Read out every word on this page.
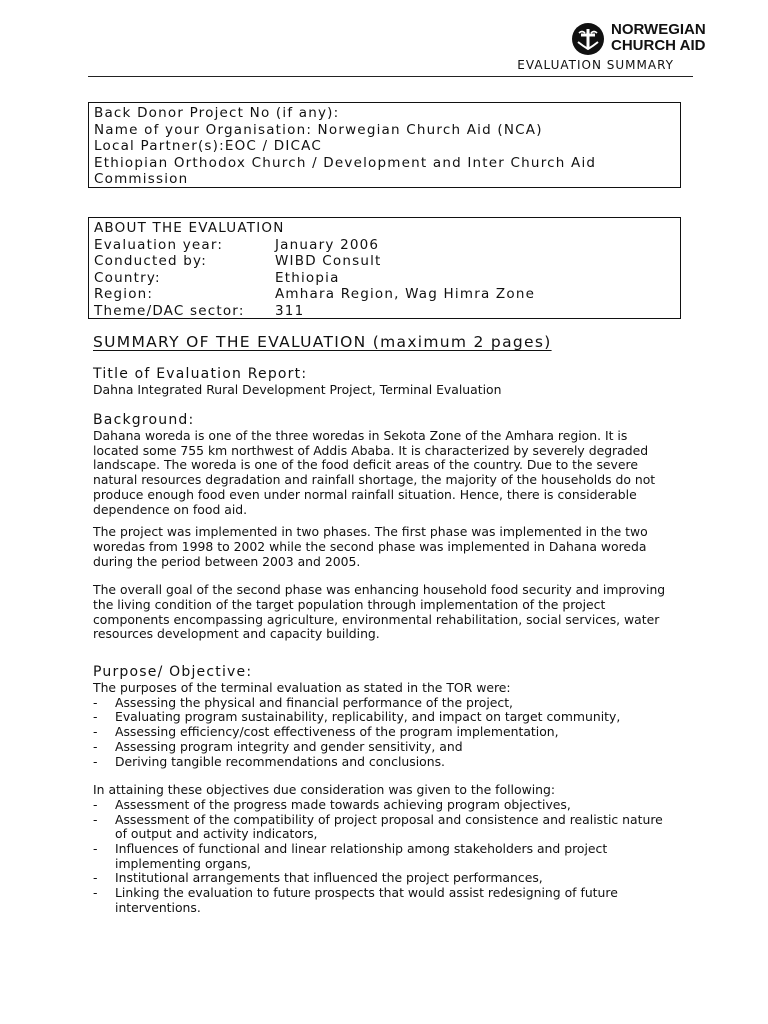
NORWEGIAN
CHURCH AID
EVALUATION SUMMARY
Back Donor Project No (if any):
Name of your Organisation: Norwegian Church Aid (NCA)
Local Partner(s):EOC / DICAC
Ethiopian Orthodox Church / Development and Inter Church Aid
Commission
ABOUT THE EVALUATION
Evaluation year:	January 2006
Conducted by:	WIBD Consult
Country:	Ethiopia
Region:	Amhara Region, Wag Himra Zone
Theme/DAC sector:	311
SUMMARY OF THE EVALUATION (maximum 2 pages)
Title of Evaluation Report:

Dahna Integrated Rural Development Project, Terminal Evaluation

Background:

Dahana woreda is one of the three woredas in Sekota Zone of the Amhara region. It is located some 755 km northwest of Addis Ababa. It is characterized by severely degraded landscape. The woreda is one of the food deficit areas of the country. Due to the severe natural resources degradation and rainfall shortage, the majority of the households do not produce enough food even under normal rainfall situation. Hence, there is considerable dependence on food aid.

The project was implemented in two phases. The first phase was implemented in the two woredas from 1998 to 2002 while the second phase was implemented in Dahana woreda during the period between 2003 and 2005.

The overall goal of the second phase was enhancing household food security and improving the living condition of the target population through implementation of the project components encompassing agriculture, environmental rehabilitation, social services, water resources development and capacity building.

Purpose/ Objective:

The purposes of the terminal evaluation as stated in the TOR were:

- Assessing the physical and financial performance of the project,
- Evaluating program sustainability, replicability, and impact on target community,
- Assessing efficiency/cost effectiveness of the program implementation,
- Assessing program integrity and gender sensitivity, and
- Deriving tangible recommendations and conclusions.

In attaining these objectives due consideration was given to the following:

- Assessment of the progress made towards achieving program objectives,
- Assessment of the compatibility of project proposal and consistence and realistic nature of output and activity indicators,
- Influences of functional and linear relationship among stakeholders and project implementing organs,
- Institutional arrangements that influenced the project performances,
- Linking the evaluation to future prospects that would assist redesigning of future interventions.
